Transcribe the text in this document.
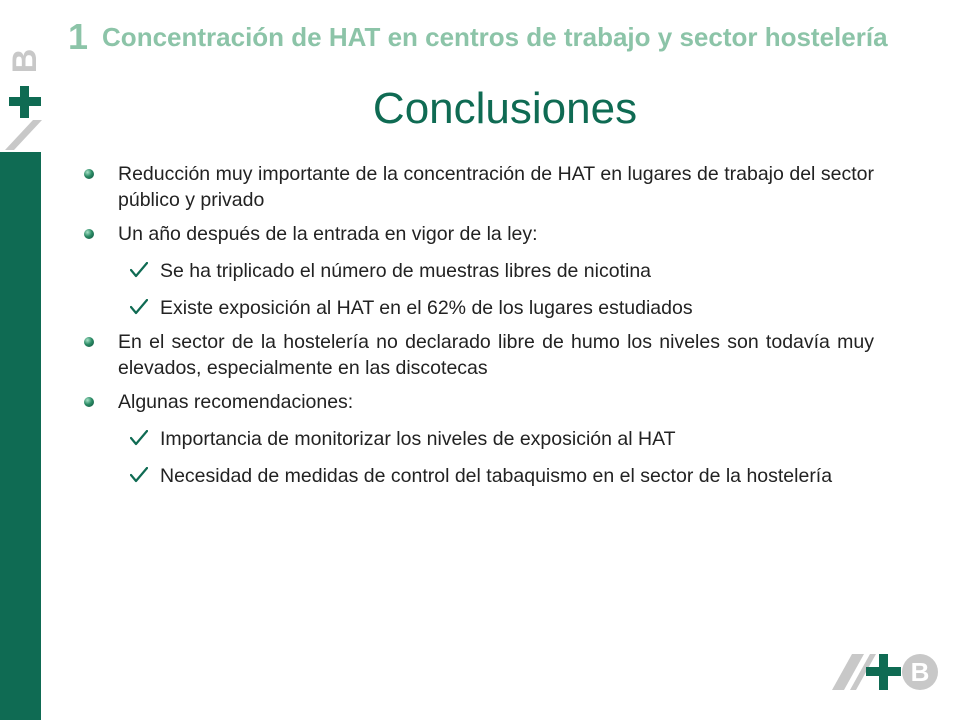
B
1 Concentración de HAT en centros de trabajo y sector hostelería
Conclusiones
Reducción muy importante de la concentración de HAT en lugares de trabajo del sector público y privado
Un año después de la entrada en vigor de la ley:
Se ha triplicado el número de muestras libres de nicotina
Existe exposición al HAT en el 62% de los lugares estudiados
En el sector de la hostelería no declarado libre de humo los niveles son todavía muy elevados, especialmente en las discotecas
Algunas recomendaciones:
Importancia de monitorizar los niveles de exposición al HAT
Necesidad de medidas de control del tabaquismo en el sector de la hostelería
B
